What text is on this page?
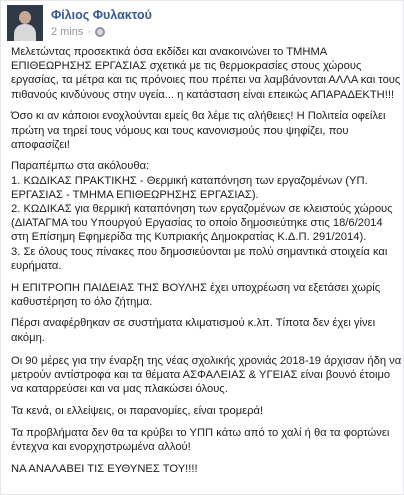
Φίλιος Φυλακτού
2 mins ·

Μελετώντας προσεκτικά όσα εκδίδει και ανακοινώνει το ΤΜΗΜΑ
ΕΠΙΘΕΩΡΗΣΗΣ ΕΡΓΑΣΙΑΣ σχετικά με τις θερμοκρασίες στους χώρους
εργασίας, τα μέτρα και τις πρόνοιες που πρέπει να λαμβάνονται ΑΛΛΑ και τους
πιθανούς κινδύνους στην υγεία... η κατάσταση είναι επεικώς ΑΠΑΡΑΔΕΚΤΗ!!!

Όσο κι αν κάποιοι ενοχλούνται εμείς θα λέμε τις αλήθειες! Η Πολιτεία οφείλει
πρώτη να τηρεί τους νόμους και τους κανονισμούς που ψηφίζει, που
αποφασίζει!

Παραπέμπω στα ακόλουθα:
1. ΚΩΔΙΚΑΣ ΠΡΑΚΤΙΚΗΣ - Θερμική καταπόνηση των εργαζομένων (ΥΠ.
ΕΡΓΑΣΙΑΣ - ΤΜΗΜΑ ΕΠΙΘΕΩΡΗΣΗΣ ΕΡΓΑΣΙΑΣ).
2. ΚΩΔΙΚΑΣ για θερμική καταπόνηση των εργαζομένων σε κλειστούς χώρους
(ΔΙΑΤΑΓΜΑ του Υπουργού Εργασίας το οποίο δημοσιεύτηκε στις 18/6/2014
στη Επίσημη Εφημερίδα της Κυπριακής Δημοκρατίας Κ.Δ.Π. 291/2014).
3. Σε όλους τους πίνακες που δημοσιεύονται με πολύ σημαντικά στοιχεία και
ευρήματα.

Η ΕΠΙΤΡΟΠΗ ΠΑΙΔΕΙΑΣ ΤΗΣ ΒΟΥΛΗΣ έχει υποχρέωση να εξετάσει χωρίς
καθυστέρηση το όλο ζήτημα.

Πέρσι αναφέρθηκαν σε συστήματα κλιματισμού κ.λπ. Τίποτα δεν έχει γίνει
ακόμη.

Οι 90 μέρες για την έναρξη της νέας σχολικής χρονιάς 2018-19 άρχισαν ήδη να
μετρούν αντίστροφα και τα θέματα ΑΣΦΑΛΕΙΑΣ & ΥΓΕΙΑΣ είναι βουνό έτοιμο
να καταρρεύσει και να μας πλακώσει όλους.

Τα κενά, οι ελλείψεις, οι παρανομίες, είναι τρομερά!

Τα προβλήματα δεν θα τα κρύβει το ΥΠΠ κάτω από το χαλί ή θα τα φορτώνει
έντεχνα και ενορχηστρωμένα αλλού!

ΝΑ ΑΝΑΛΑΒΕΙ ΤΙΣ ΕΥΘΥΝΕΣ ΤΟΥ!!!!
